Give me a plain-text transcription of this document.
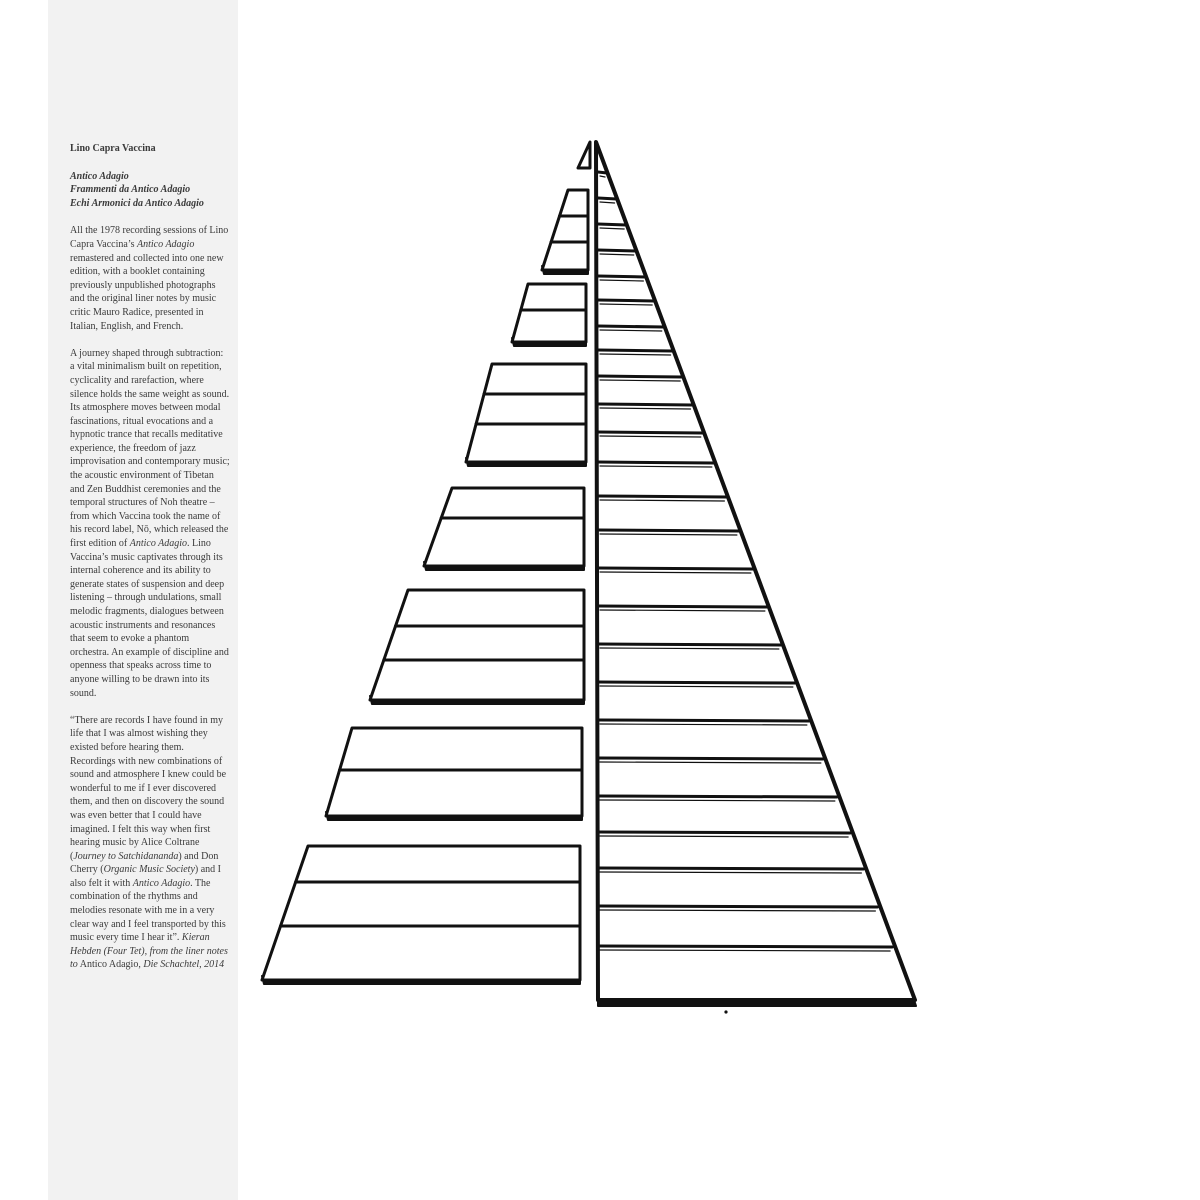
Lino Capra Vaccina
Antico Adagio
Frammenti da Antico Adagio
Echi Armonici da Antico Adagio

All the 1978 recording sessions of Lino Capra Vaccina’s Antico Adagio remastered and collected into one new edition, with a booklet containing previously unpublished photographs and the original liner notes by music critic Mauro Radice, presented in Italian, English, and French.

A journey shaped through subtraction: a vital minimalism built on repetition, cyclicality and rarefaction, where silence holds the same weight as sound.

Its atmosphere moves between modal fascinations, ritual evocations and a hypnotic trance that recalls meditative experience, the freedom of jazz improvisation and contemporary music; the acoustic environment of Tibetan and Zen Buddhist ceremonies and the temporal structures of Noh theatre – from which Vaccina took the name of his record label, Nō, which released the first edition of Antico Adagio. Lino Vaccina’s music captivates through its internal coherence and its ability to generate states of suspension and deep listening – through undulations, small melodic fragments, dialogues between acoustic instruments and resonances that seem to evoke a phantom orchestra. An example of discipline and openness that speaks across time to anyone willing to be drawn into its sound.

“There are records I have found in my life that I was almost wishing they existed before hearing them. Recordings with new combinations of sound and atmosphere I knew could be wonderful to me if I ever discovered them, and then on discovery the sound was even better that I could have imagined. I felt this way when first hearing music by Alice Coltrane (Journey to Satchidananda) and Don Cherry (Organic Music Society) and I also felt it with Antico Adagio. The combination of the rhythms and melodies resonate with me in a very clear way and I feel transported by this music every time I hear it”. Kieran Hebden (Four Tet), from the liner notes to Antico Adagio, Die Schachtel, 2014
